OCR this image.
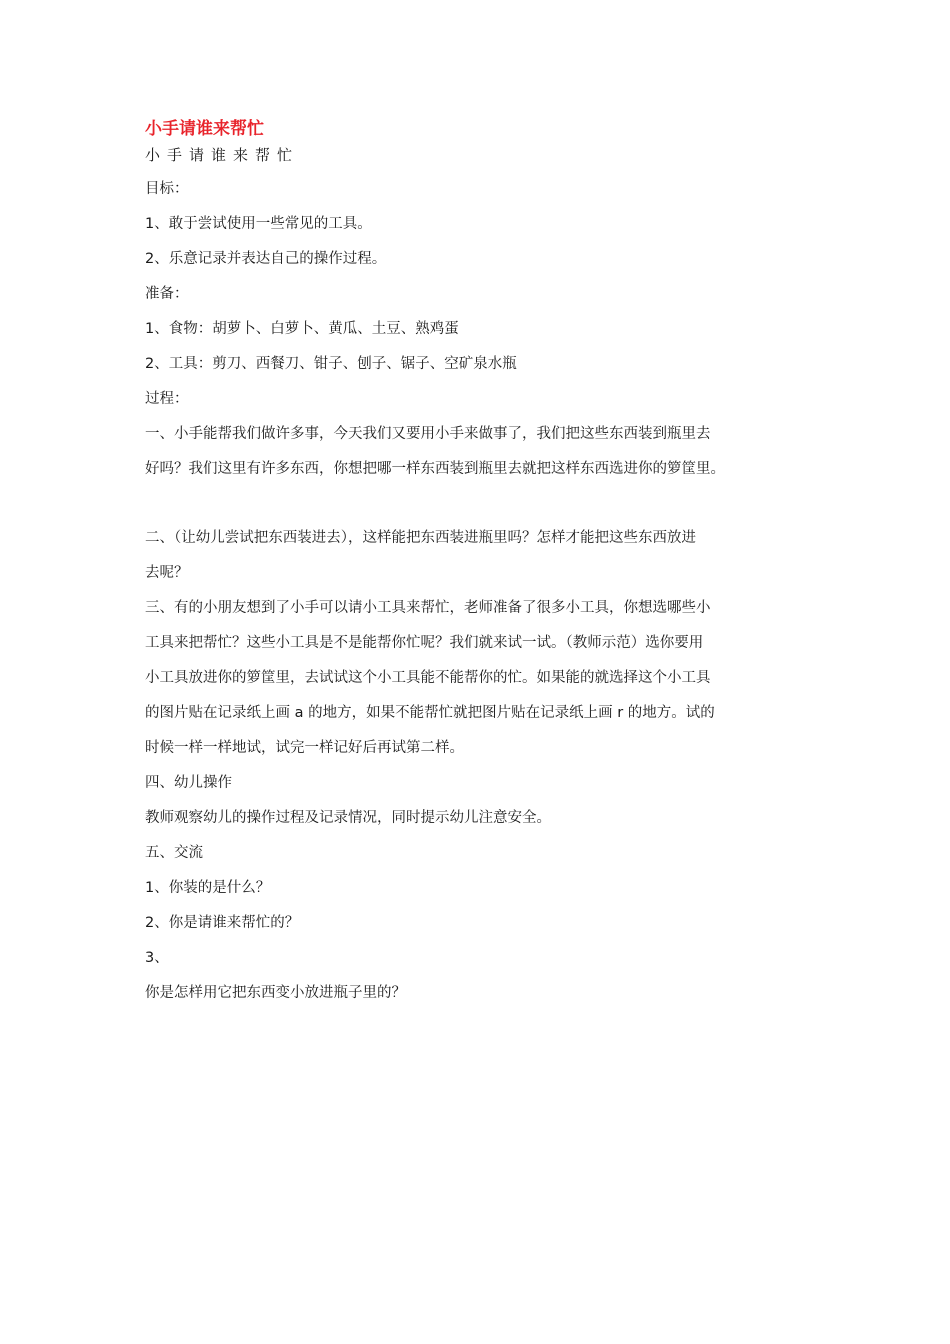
小手请谁来帮忙
小手请谁来帮忙

目标：

1、敢于尝试使用一些常见的工具。

2、乐意记录并表达自己的操作过程。

准备：

1、食物：胡萝卜、白萝卜、黄瓜、土豆、熟鸡蛋

2、工具：剪刀、西餐刀、钳子、刨子、锯子、空矿泉水瓶

过程：

一、小手能帮我们做许多事，今天我们又要用小手来做事了，我们把这些东西装到瓶里去

好吗？我们这里有许多东西，你想把哪一样东西装到瓶里去就把这样东西选进你的箩筐里。

二、（让幼儿尝试把东西装进去），这样能把东西装进瓶里吗？怎样才能把这些东西放进

去呢？

三、有的小朋友想到了小手可以请小工具来帮忙，老师准备了很多小工具，你想选哪些小

工具来把帮忙？这些小工具是不是能帮你忙呢？我们就来试一试。（教师示范）选你要用

小工具放进你的箩筐里，去试试这个小工具能不能帮你的忙。如果能的就选择这个小工具

的图片贴在记录纸上画 a 的地方，如果不能帮忙就把图片贴在记录纸上画 r 的地方。试的

时候一样一样地试，试完一样记好后再试第二样。

四、幼儿操作

教师观察幼儿的操作过程及记录情况，同时提示幼儿注意安全。

五、交流

1、你装的是什么？

2、你是请谁来帮忙的？

3、

你是怎样用它把东西变小放进瓶子里的？
